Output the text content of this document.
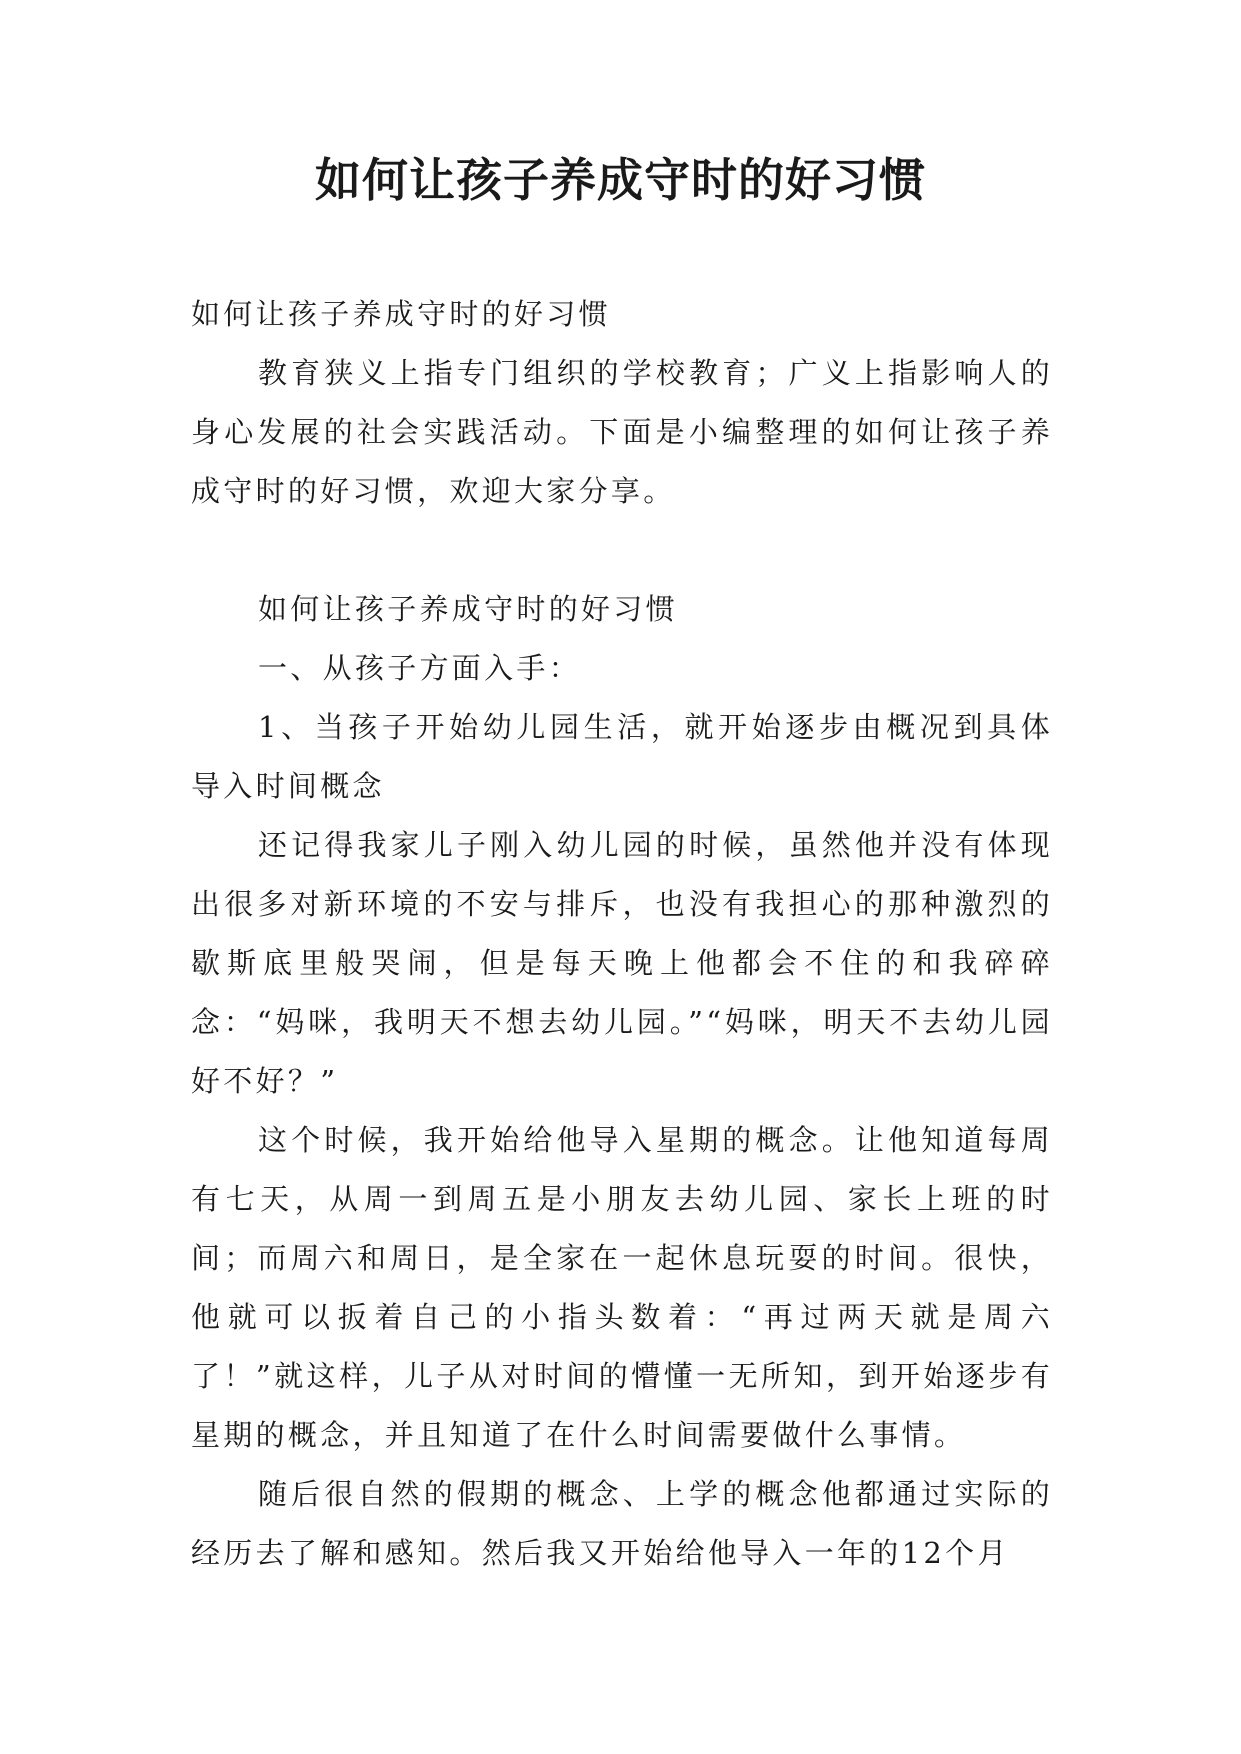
如何让孩子养成守时的好习惯

如何让孩子养成守时的好习惯

教育狭义上指专门组织的学校教育；广义上指影响人的身心发展的社会实践活动。下面是小编整理的如何让孩子养成守时的好习惯，欢迎大家分享。

如何让孩子养成守时的好习惯

一、从孩子方面入手：

1、当孩子开始幼儿园生活，就开始逐步由概况到具体导入时间概念

还记得我家儿子刚入幼儿园的时候，虽然他并没有体现出很多对新环境的不安与排斥，也没有我担心的那种激烈的歇斯底里般哭闹，但是每天晚上他都会不住的和我碎碎念：“妈咪，我明天不想去幼儿园。”“妈咪，明天不去幼儿园好不好？”

这个时候，我开始给他导入星期的概念。让他知道每周有七天，从周一到周五是小朋友去幼儿园、家长上班的时间；而周六和周日，是全家在一起休息玩耍的时间。很快，他就可以扳着自己的小指头数着：“再过两天就是周六了！”就这样，儿子从对时间的懵懂一无所知，到开始逐步有星期的概念，并且知道了在什么时间需要做什么事情。

随后很自然的假期的概念、上学的概念他都通过实际的经历去了解和感知。然后我又开始给他导入一年的12个月
